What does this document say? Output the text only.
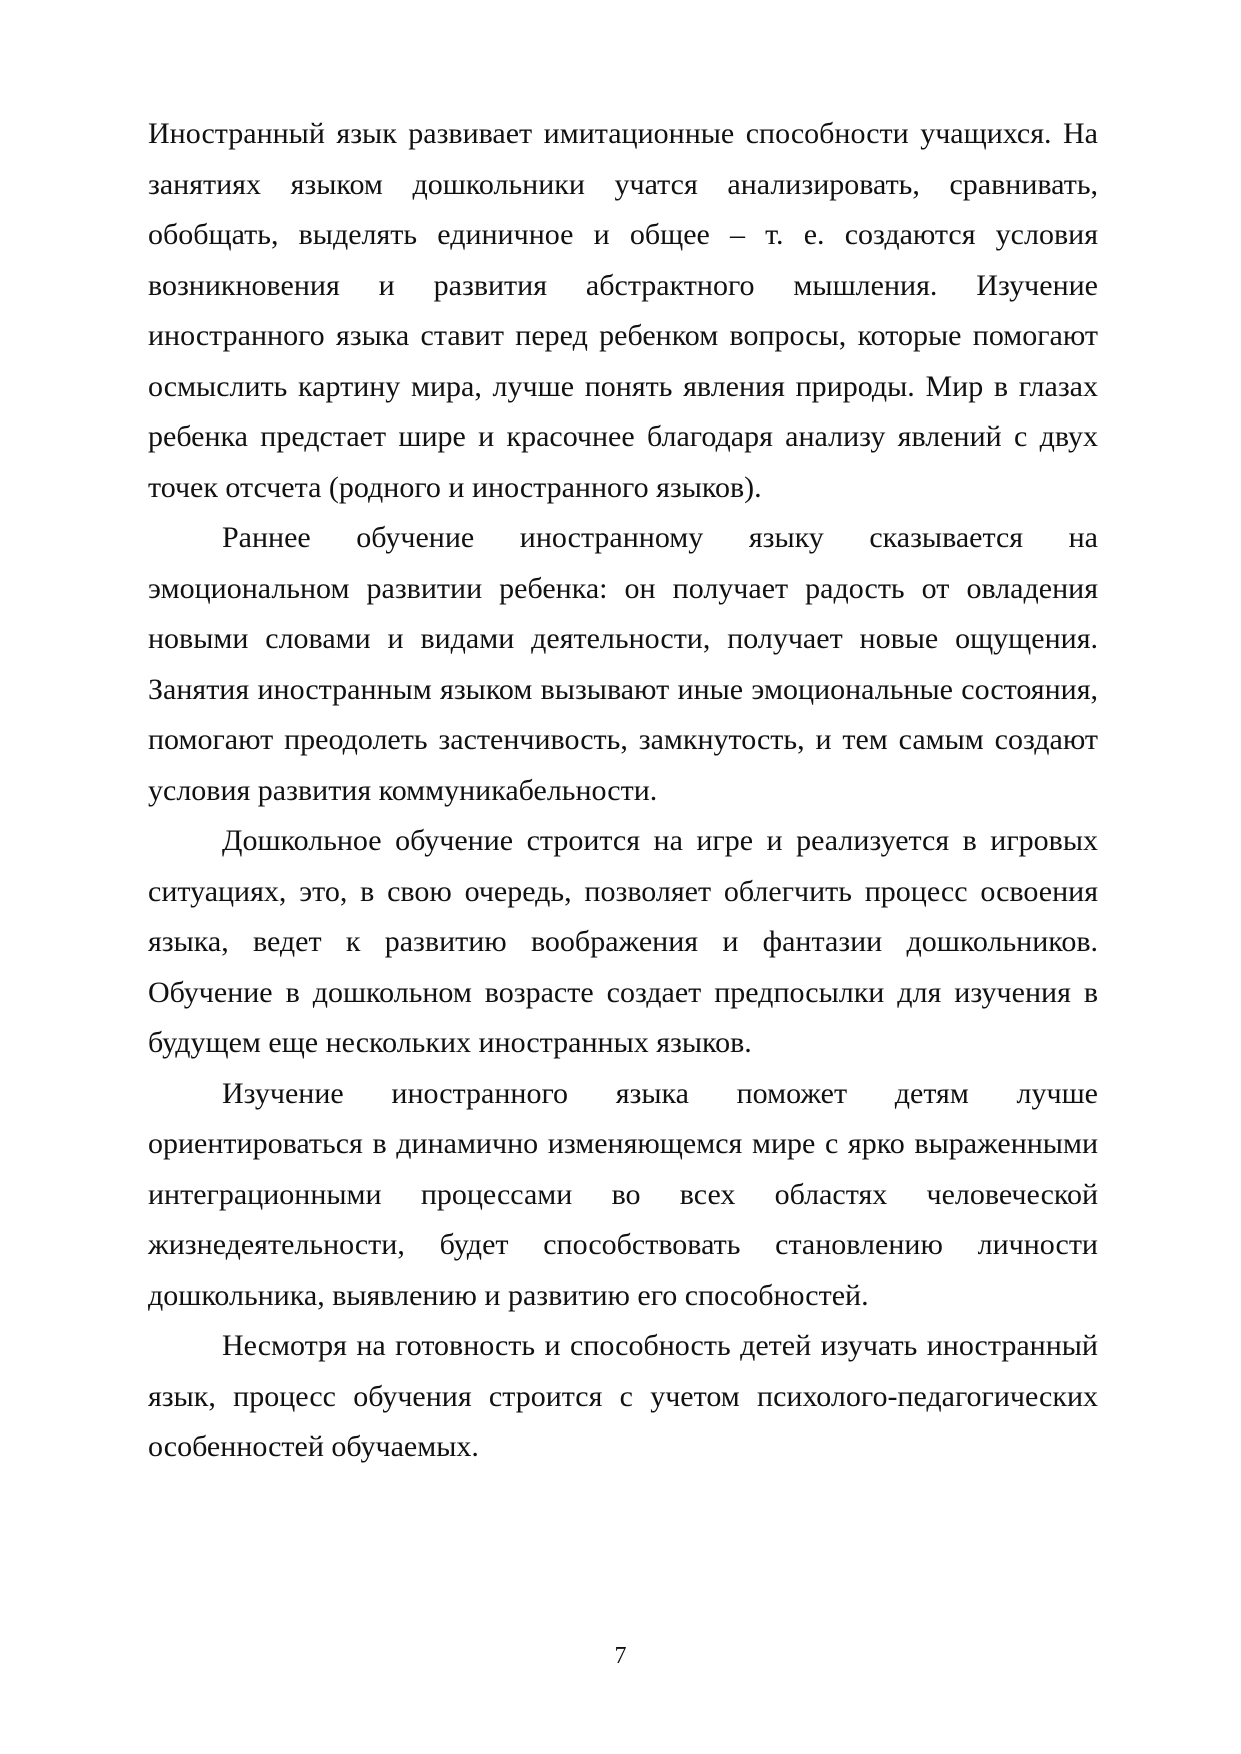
Иностранный язык развивает имитационные способности учащихся. На занятиях языком дошкольники учатся анализировать, сравнивать, обобщать, выделять единичное и общее – т. е. создаются условия возникновения и развития абстрактного мышления. Изучение иностранного языка ставит перед ребенком вопросы, которые помогают осмыслить картину мира, лучше понять явления природы. Мир в глазах ребенка предстает шире и красочнее благодаря анализу явлений с двух точек отсчета (родного и иностранного языков).

Раннее обучение иностранному языку сказывается на эмоциональном развитии ребенка: он получает радость от овладения новыми словами и видами деятельности, получает новые ощущения. Занятия иностранным языком вызывают иные эмоциональные состояния, помогают преодолеть застенчивость, замкнутость, и тем самым создают условия развития коммуникабельности.

Дошкольное обучение строится на игре и реализуется в игровых ситуациях, это, в свою очередь, позволяет облегчить процесс освоения языка, ведет к развитию воображения и фантазии дошкольников. Обучение в дошкольном возрасте создает предпосылки для изучения в будущем еще нескольких иностранных языков.

Изучение иностранного языка поможет детям лучше ориентироваться в динамично изменяющемся мире с ярко выраженными интеграционными процессами во всех областях человеческой жизнедеятельности, будет способствовать становлению личности дошкольника, выявлению и развитию его способностей.

Несмотря на готовность и способность детей изучать иностранный язык, процесс обучения строится с учетом психолого-педагогических особенностей обучаемых.

7
